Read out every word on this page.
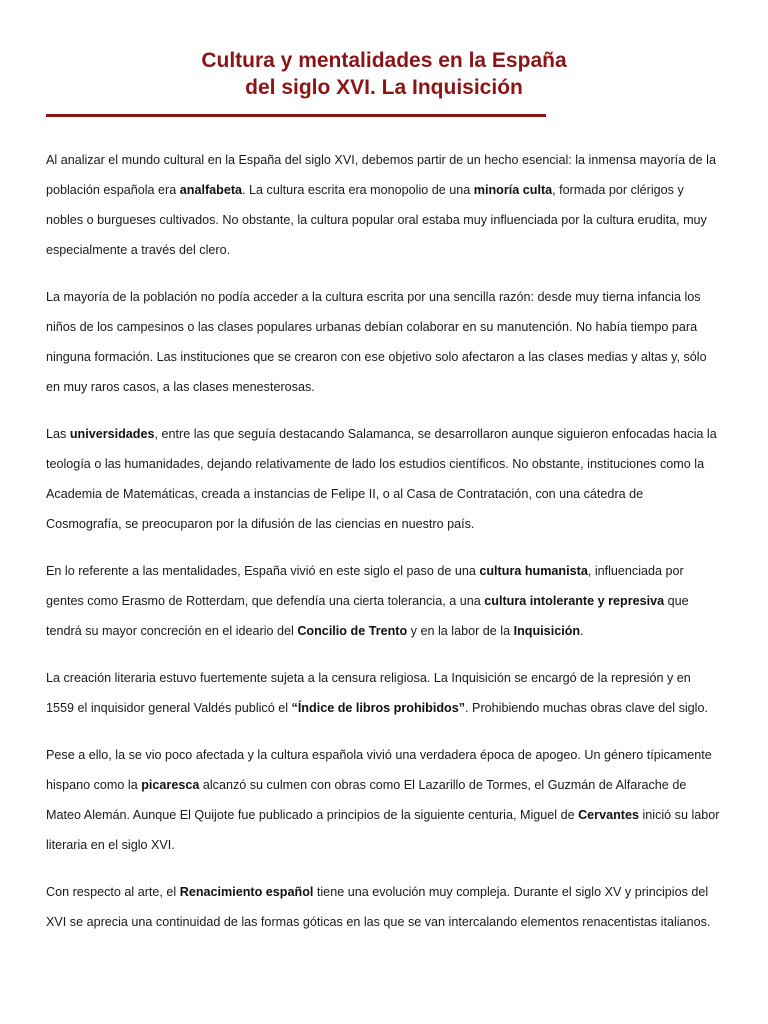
Cultura y mentalidades en la España
del siglo XVI. La Inquisición

Al analizar el mundo cultural en la España del siglo XVI, debemos partir de un hecho esencial: la inmensa mayoría de la población española era analfabeta. La cultura escrita era monopolio de una minoría culta, formada por clérigos y nobles o burgueses cultivados. No obstante, la cultura popular oral estaba muy influenciada por la cultura erudita, muy especialmente a través del clero.

La mayoría de la población no podía acceder a la cultura escrita por una sencilla razón: desde muy tierna infancia los niños de los campesinos o las clases populares urbanas debían colaborar en su manutención. No había tiempo para ninguna formación. Las instituciones que se crearon con ese objetivo solo afectaron a las clases medias y altas y, sólo en muy raros casos, a las clases menesterosas.

Las universidades, entre las que seguía destacando Salamanca, se desarrollaron aunque siguieron enfocadas hacia la teología o las humanidades, dejando relativamente de lado los estudios científicos. No obstante, instituciones como la Academia de Matemáticas, creada a instancias de Felipe II, o al Casa de Contratación, con una cátedra de Cosmografía, se preocuparon por la difusión de las ciencias en nuestro país.

En lo referente a las mentalidades, España vivió en este siglo el paso de una cultura humanista, influenciada por gentes como Erasmo de Rotterdam, que defendía una cierta tolerancia, a una cultura intolerante y represiva que tendrá su mayor concreción en el ideario del Concilio de Trento y en la labor de la Inquisición.

La creación literaria estuvo fuertemente sujeta a la censura religiosa. La Inquisición se encargó de la represión y en 1559 el inquisidor general Valdés publicó el “Índice de libros prohibidos”. Prohibiendo muchas obras clave del siglo.

Pese a ello, la se vio poco afectada y la cultura española vivió una verdadera época de apogeo. Un género típicamente hispano como la picaresca alcanzó su culmen con obras como El Lazarillo de Tormes, el Guzmán de Alfarache de Mateo Alemán. Aunque El Quijote fue publicado a principios de la siguiente centuria, Miguel de Cervantes inició su labor literaria en el siglo XVI.

Con respecto al arte, el Renacimiento español tiene una evolución muy compleja. Durante el siglo XV y principios del XVI se aprecia una continuidad de las formas góticas en las que se van intercalando elementos renacentistas italianos.
